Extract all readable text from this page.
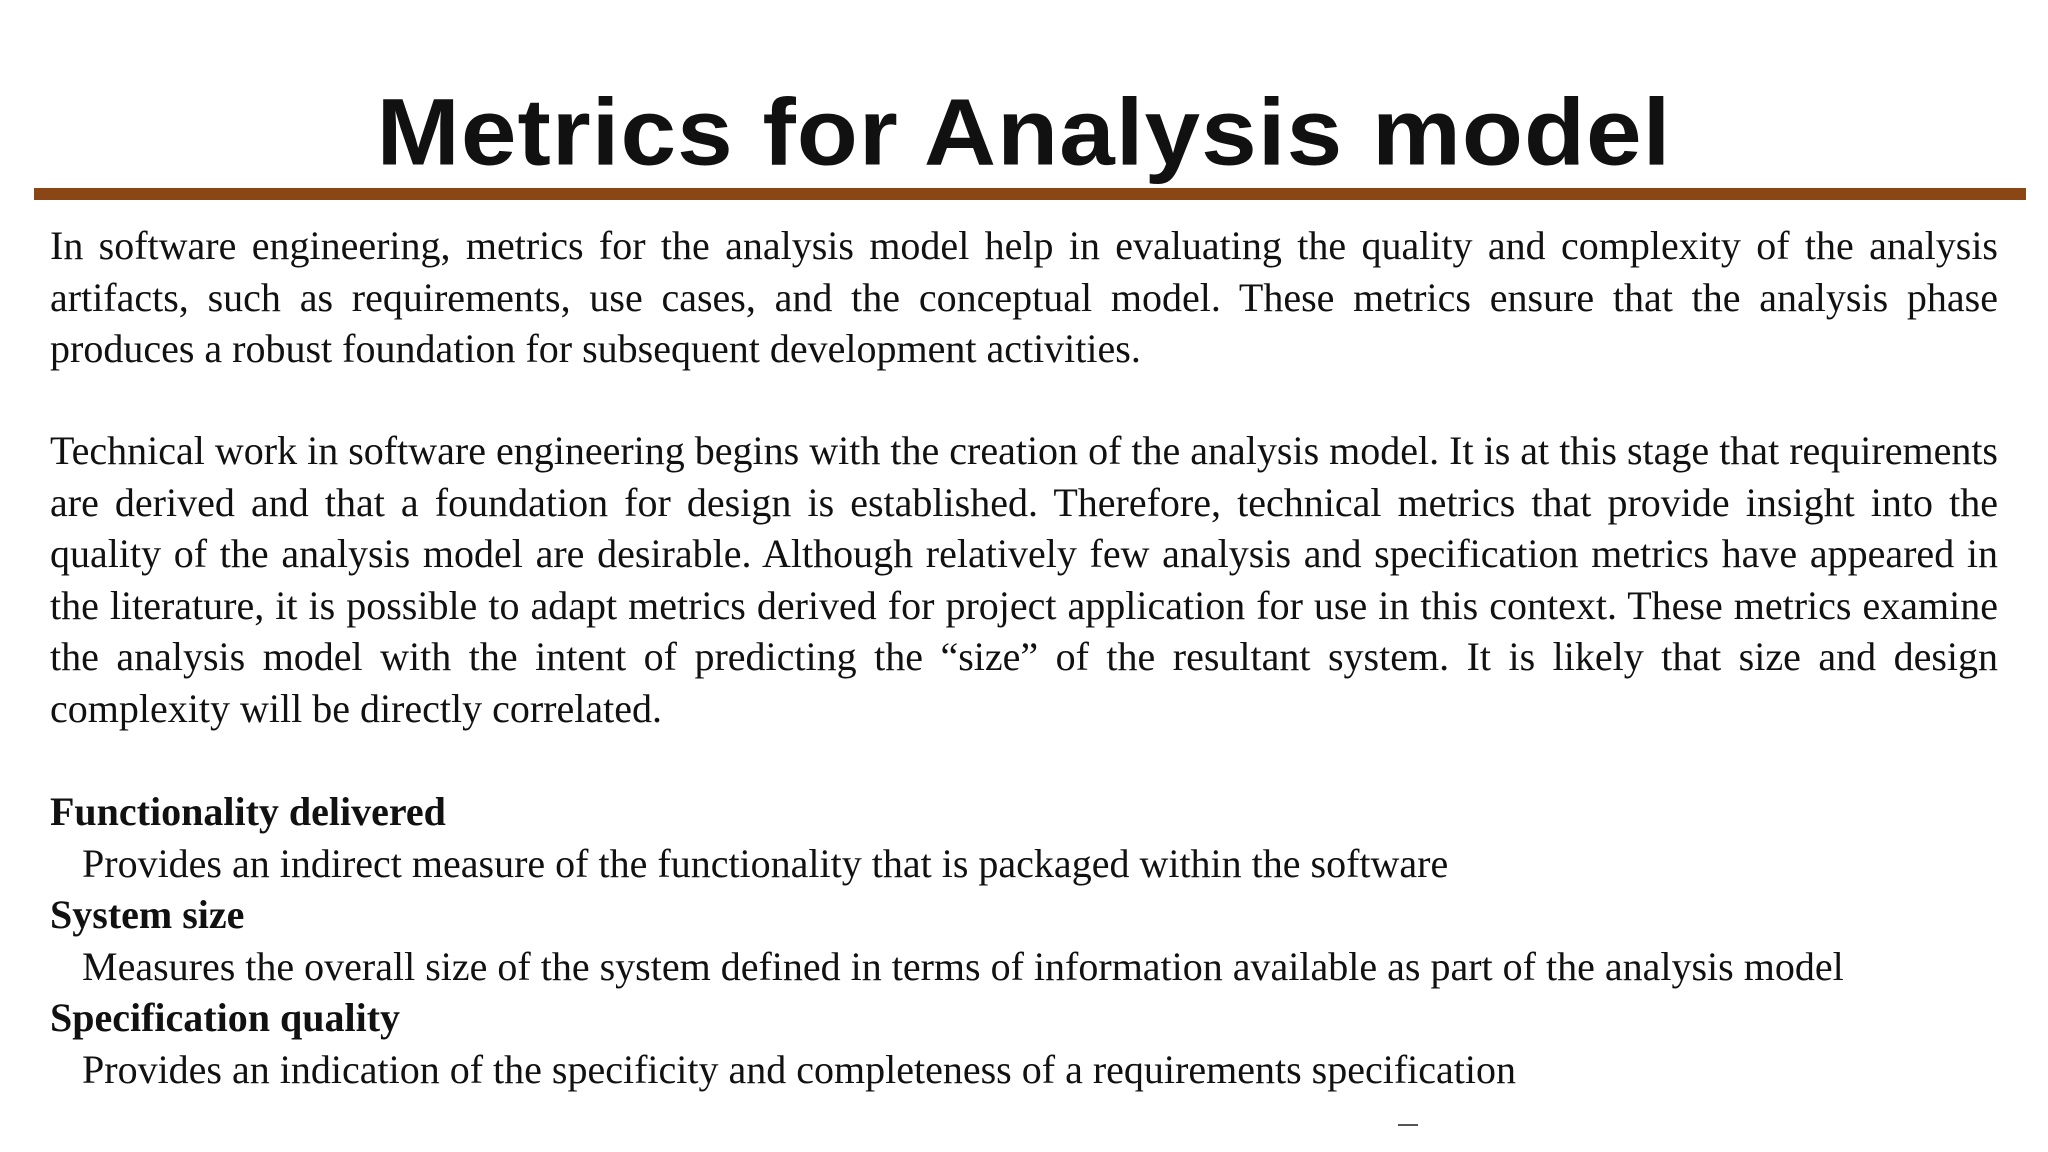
Metrics for Analysis model

In software engineering, metrics for the analysis model help in evaluating the quality and complexity of the analysis artifacts, such as requirements, use cases, and the conceptual model. These metrics ensure that the analysis phase produces a robust foundation for subsequent development activities.

Technical work in software engineering begins with the creation of the analysis model. It is at this stage that requirements are derived and that a foundation for design is established. Therefore, technical metrics that provide insight into the quality of the analysis model are desirable. Although relatively few analysis and specification metrics have appeared in the literature, it is possible to adapt metrics derived for project application for use in this context. These metrics examine the analysis model with the intent of predicting the “size” of the resultant system. It is likely that size and design complexity will be directly correlated.

Functionality delivered
Provides an indirect measure of the functionality that is packaged within the software
System size
Measures the overall size of the system defined in terms of information available as part of the analysis model
Specification quality
Provides an indication of the specificity and completeness of a requirements specification
